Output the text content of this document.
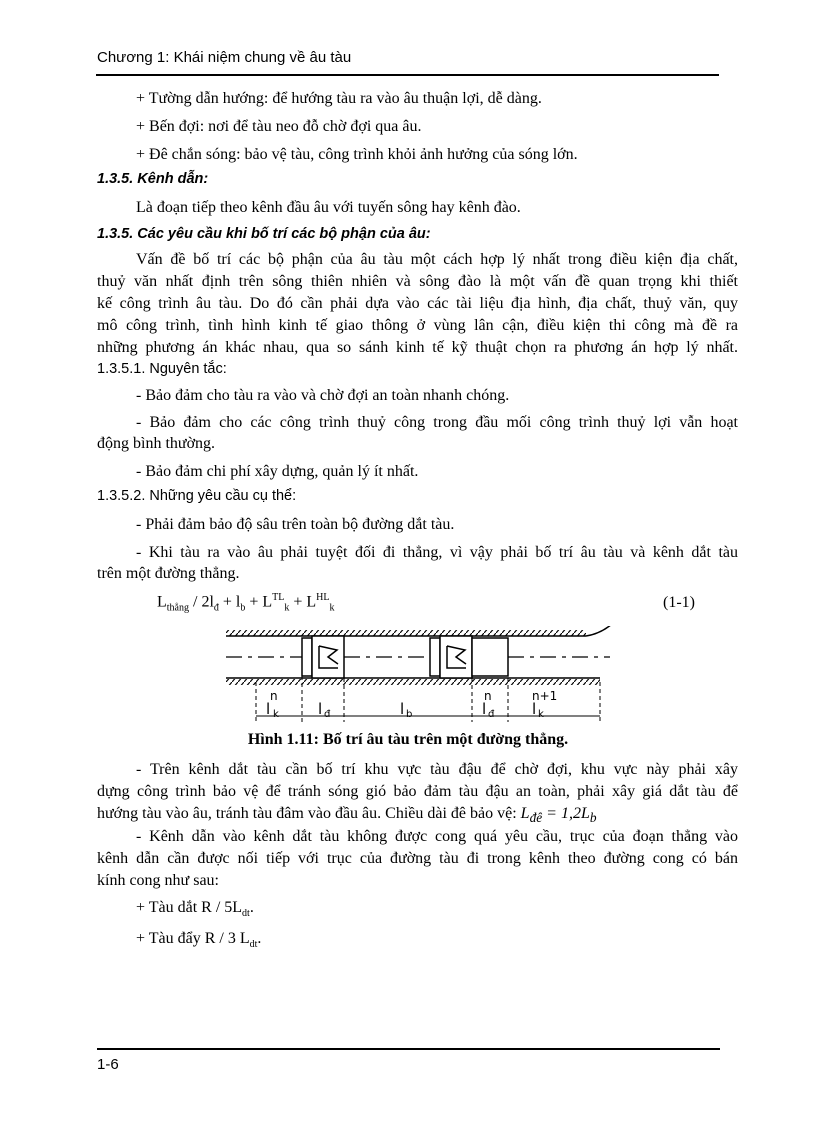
Chương 1: Khái niệm chung về âu tàu
+ Tường dẫn hướng: để hướng tàu ra vào âu thuận lợi, dễ dàng.
+ Bến đợi: nơi để tàu neo đỗ chờ đợi qua âu.
+ Đê chắn sóng: bảo vệ tàu, công trình khỏi ảnh hưởng của sóng lớn.
1.3.5. Kênh dẫn:
Là đoạn tiếp theo kênh đầu âu với tuyến sông hay kênh đào.
1.3.5. Các yêu cầu khi bố trí các bộ phận của âu:
Vấn đề bố trí các bộ phận của âu tàu một cách hợp lý nhất trong điều kiện địa chất,
thuỷ văn nhất định trên sông thiên nhiên và sông đào là một vấn đề quan trọng khi thiết
kế công trình âu tàu. Do đó cần phải dựa vào các tài liệu địa hình, địa chất, thuỷ văn, quy
mô công trình, tình hình kinh tế giao thông ở vùng lân cận, điều kiện thi công mà đề ra
những phương án khác nhau, qua so sánh kinh tế kỹ thuật chọn ra phương án hợp lý nhất.
1.3.5.1. Nguyên tắc:
- Bảo đảm cho tàu ra vào và chờ đợi an toàn nhanh chóng.
- Bảo đảm cho các công trình thuỷ công trong đầu mối công trình thuỷ lợi vẫn hoạt
động bình thường.
- Bảo đảm chi phí xây dựng, quản lý ít nhất.
1.3.5.2. Những yêu cầu cụ thể:
- Phải đảm bảo độ sâu trên toàn bộ đường dắt tàu.
- Khi tàu ra vào âu phải tuyệt đối đi thẳng, vì vậy phải bố trí âu tàu và kênh dắt tàu
trên một đường thẳng.
$L_{thẳng} / 2l_đ + l_b + L^{TL}_k + L^{HL}_k$	(1-1)
n
l k	l đ	l b
n
l đ
n+1
l k
Hình 1.11: Bố trí âu tàu trên một đường thẳng.
- Trên kênh dắt tàu cần bố trí khu vực tàu đậu để chờ đợi, khu vực này phải xây
dựng công trình bảo vệ để tránh sóng gió bảo đảm tàu đậu an toàn, phải xây giá dắt tàu để
hướng tàu vào âu, tránh tàu đâm vào đầu âu. Chiều dài đê bảo vệ: $L_{đê} = 1,2L_b$
- Kênh dẫn vào kênh dắt tàu không được cong quá yêu cầu, trục của đoạn thẳng vào
kênh dẫn cần được nối tiếp với trục của đường tàu đi trong kênh theo đường cong có bán
kính cong như sau:
+ Tàu dắt R / $5L_{dt}$.
+ Tàu đẩy R / 3 $L_{dt}$.
1-6
